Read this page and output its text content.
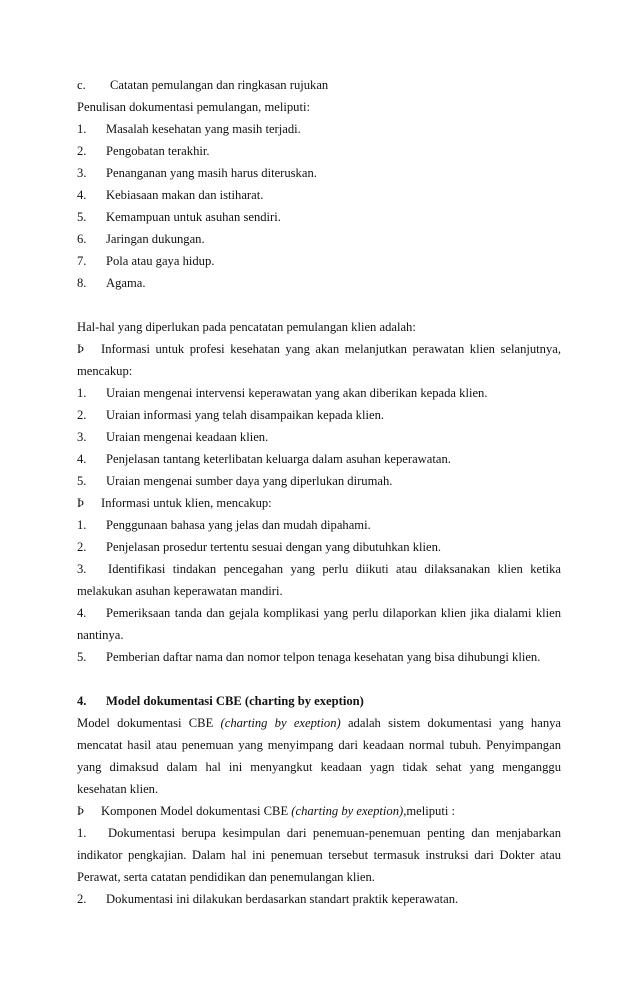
c. Catatan pemulangan dan ringkasan rujukan
Penulisan dokumentasi pemulangan, meliputi:
1. Masalah kesehatan yang masih terjadi.
2. Pengobatan terakhir.
3. Penanganan yang masih harus diteruskan.
4. Kebiasaan makan dan istiharat.
5. Kemampuan untuk asuhan sendiri.
6. Jaringan dukungan.
7. Pola atau gaya hidup.
8. Agama.
Hal-hal yang diperlukan pada pencatatan pemulangan klien adalah:
Þ Informasi untuk profesi kesehatan yang akan melanjutkan perawatan klien selanjutnya,
mencakup:
1. Uraian mengenai intervensi keperawatan yang akan diberikan kepada klien.
2. Uraian informasi yang telah disampaikan kepada klien.
3. Uraian mengenai keadaan klien.
4. Penjelasan tantang keterlibatan keluarga dalam asuhan keperawatan.
5. Uraian mengenai sumber daya yang diperlukan dirumah.
Þ Informasi untuk klien, mencakup:
1. Penggunaan bahasa yang jelas dan mudah dipahami.
2. Penjelasan prosedur tertentu sesuai dengan yang dibutuhkan klien.
3. Identifikasi tindakan pencegahan yang perlu diikuti atau dilaksanakan klien ketika
melakukan asuhan keperawatan mandiri.
4. Pemeriksaan tanda dan gejala komplikasi yang perlu dilaporkan klien jika dialami klien
nantinya.
5. Pemberian daftar nama dan nomor telpon tenaga kesehatan yang bisa dihubungi klien.
4. Model dokumentasi CBE (charting by exeption)
Model dokumentasi CBE (charting by exeption) adalah sistem dokumentasi yang hanya
mencatat hasil atau penemuan yang menyimpang dari keadaan normal tubuh. Penyimpangan
yang dimaksud dalam hal ini menyangkut keadaan yagn tidak sehat yang menganggu
kesehatan klien.
Þ Komponen Model dokumentasi CBE (charting by exeption),meliputi :
1. Dokumentasi berupa kesimpulan dari penemuan-penemuan penting dan menjabarkan
indikator pengkajian. Dalam hal ini penemuan tersebut termasuk instruksi dari Dokter atau
Perawat, serta catatan pendidikan dan penemulangan klien.
2. Dokumentasi ini dilakukan berdasarkan standart praktik keperawatan.
